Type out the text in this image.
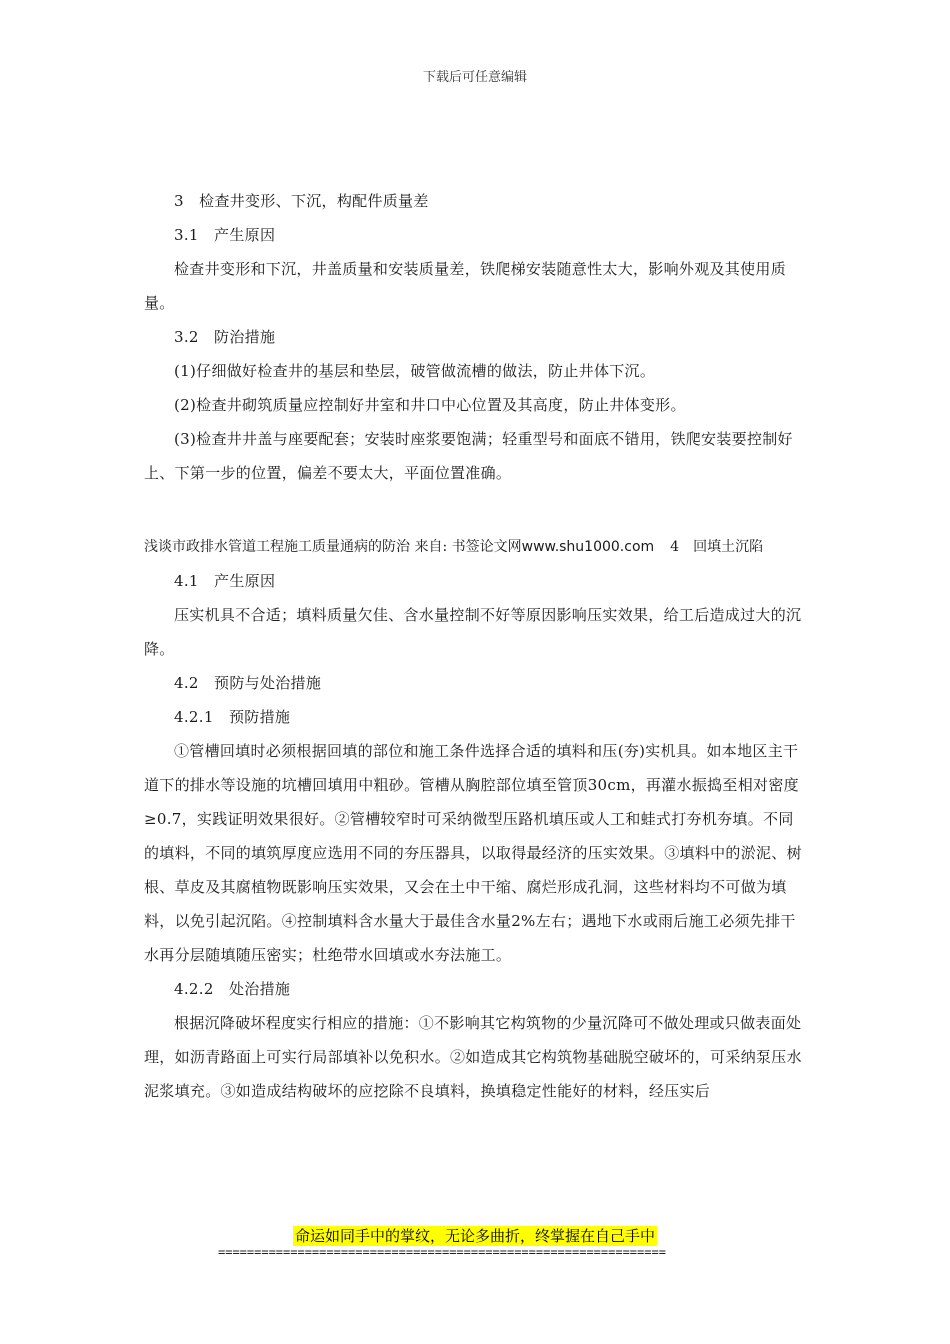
下载后可任意编辑

3　检查井变形、下沉，构配件质量差

3.1　产生原因

检查井变形和下沉，井盖质量和安装质量差，铁爬梯安装随意性太大，影响外观及其使用质量。

3.2　防治措施

(1)仔细做好检查井的基层和垫层，破管做流槽的做法，防止井体下沉。

(2)检查井砌筑质量应控制好井室和井口中心位置及其高度，防止井体变形。

(3)检查井井盖与座要配套；安装时座浆要饱满；轻重型号和面底不错用，铁爬安装要控制好上、下第一步的位置，偏差不要太大，平面位置准确。

浅谈市政排水管道工程施工质量通病的防治 来自: 书签论文网www.shu1000.com 4　回填土沉陷

4.1　产生原因

压实机具不合适；填料质量欠佳、含水量控制不好等原因影响压实效果，给工后造成过大的沉降。

4.2　预防与处治措施

4.2.1　预防措施

①管槽回填时必须根据回填的部位和施工条件选择合适的填料和压(夯)实机具。如本地区主干道下的排水等设施的坑槽回填用中粗砂。管槽从胸腔部位填至管顶30cm，再灌水振捣至相对密度≥0.7，实践证明效果很好。②管槽较窄时可采纳微型压路机填压或人工和蛙式打夯机夯填。不同的填料，不同的填筑厚度应选用不同的夯压器具，以取得最经济的压实效果。③填料中的淤泥、树根、草皮及其腐植物既影响压实效果，又会在土中干缩、腐烂形成孔洞，这些材料均不可做为填料，以免引起沉陷。④控制填料含水量大于最佳含水量2%左右；遇地下水或雨后施工必须先排干水再分层随填随压密实；杜绝带水回填或水夯法施工。

4.2.2　处治措施

根据沉降破坏程度实行相应的措施：①不影响其它构筑物的少量沉降可不做处理或只做表面处理，如沥青路面上可实行局部填补以免积水。②如造成其它构筑物基础脱空破坏的，可采纳泵压水泥浆填充。③如造成结构破坏的应挖除不良填料，换填稳定性能好的材料，经压实后

命运如同手中的掌纹，无论多曲折，终掌握在自己手中
==============================================================
